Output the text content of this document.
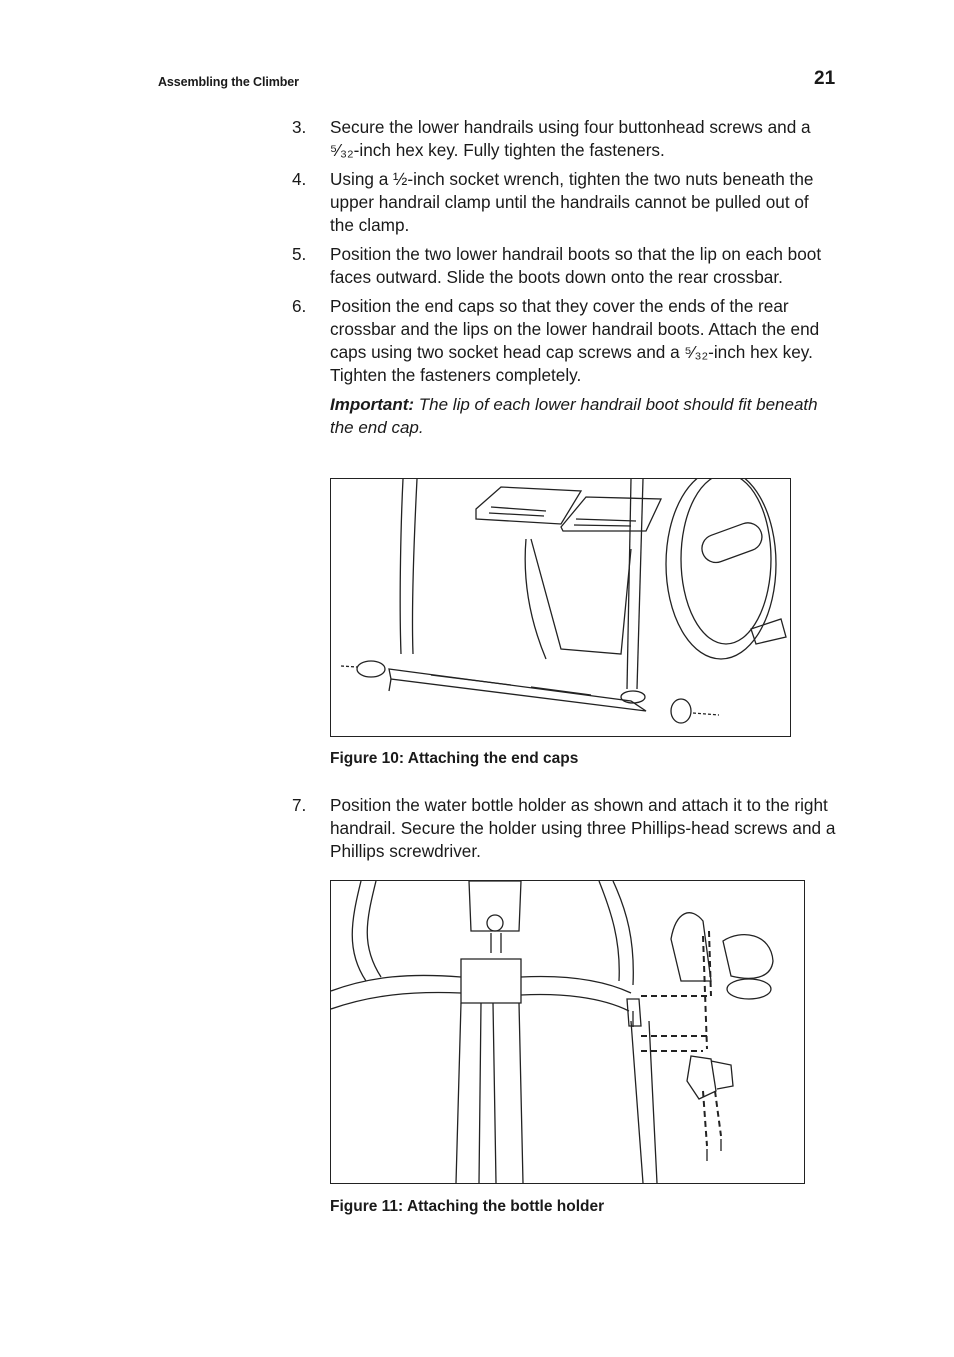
Assembling the Climber	21
3.	Secure the lower handrails using four buttonhead screws and a ⁵⁄₃₂-inch hex key. Fully tighten the fasteners.
4.	Using a ½-inch socket wrench, tighten the two nuts beneath the upper handrail clamp until the handrails cannot be pulled out of the clamp.
5.	Position the two lower handrail boots so that the lip on each boot faces outward. Slide the boots down onto the rear crossbar.
6.	Position the end caps so that they cover the ends of the rear crossbar and the lips on the lower handrail boots. Attach the end caps using two socket head cap screws and a ⁵⁄₃₂-inch hex key. Tighten the fasteners completely.
Important: The lip of each lower handrail boot should fit beneath the end cap.
Figure 10: Attaching the end caps
7.	Position the water bottle holder as shown and attach it to the right handrail. Secure the holder using three Phillips-head screws and a Phillips screwdriver.
Figure 11: Attaching the bottle holder
